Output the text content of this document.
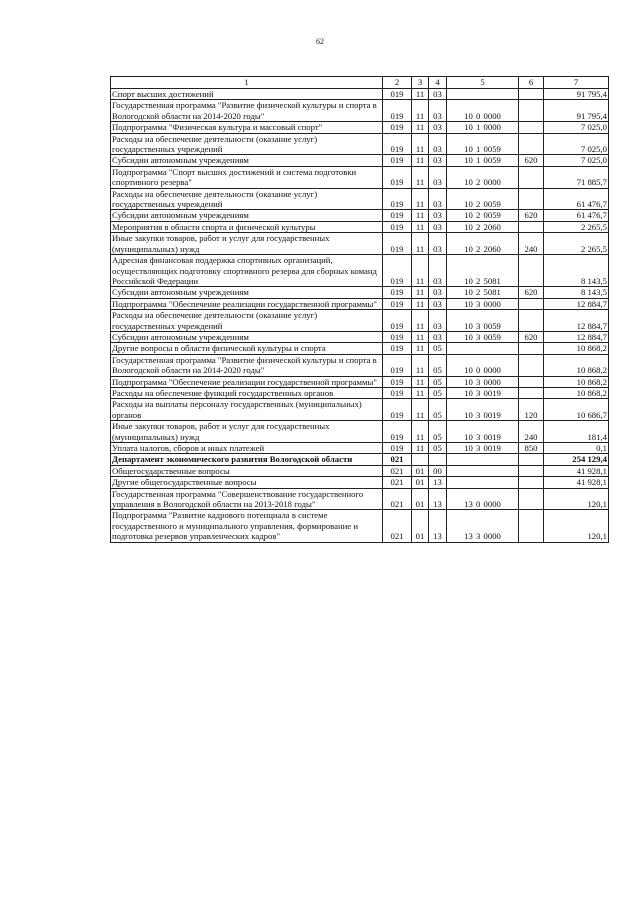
62
1	2	3	4	5	6	7
Спорт высших достижений	019	11	03			91 795,4
Государственная программа "Развитие физической культуры и спорта в Вологодской области на 2014-2020 годы"	019	11	03	10 0 0000		91 795,4
Подпрограмма "Физическая культура и массовый спорт"	019	11	03	10 1 0000		7 025,0
Расходы на обеспечение деятельности (оказание услуг) государственных учреждений	019	11	03	10 1 0059		7 025,0
Субсидии автономным учреждениям	019	11	03	10 1 0059	620	7 025,0
Подпрограмма "Спорт высших достижений и система подготовки спортивного резерва"	019	11	03	10 2 0000		71 885,7
Расходы на обеспечение деятельности (оказание услуг) государственных учреждений	019	11	03	10 2 0059		61 476,7
Субсидии автономным учреждениям	019	11	03	10 2 0059	620	61 476,7
Мероприятия в области спорта и физической культуры	019	11	03	10 2 2060		2 265,5
Иные закупки товаров, работ и услуг для государственных (муниципальных) нужд	019	11	03	10 2 2060	240	2 265,5
Адресная финансовая поддержка спортивных организаций, осуществляющих подготовку спортивного резерва для сборных команд Российской Федерации	019	11	03	10 2 5081		8 143,5
Субсидии автономным учреждениям	019	11	03	10 2 5081	620	8 143,5
Подпрограмма "Обеспечение реализации государственной программы"	019	11	03	10 3 0000		12 884,7
Расходы на обеспечение деятельности (оказание услуг) государственных учреждений	019	11	03	10 3 0059		12 884,7
Субсидии автономным учреждениям	019	11	03	10 3 0059	620	12 884,7
Другие вопросы в области физической культуры и спорта	019	11	05			10 868,2
Государственная программа "Развитие физической культуры и спорта в Вологодской области на 2014-2020 годы"	019	11	05	10 0 0000		10 868,2
Подпрограмма "Обеспечение реализации государственной программы"	019	11	05	10 3 0000		10 868,2
Расходы на обеспечение функций государственных органов	019	11	05	10 3 0019		10 868,2
Расходы на выплаты персоналу государственных (муниципальных) органов	019	11	05	10 3 0019	120	10 686,7
Иные закупки товаров, работ и услуг для государственных (муниципальных) нужд	019	11	05	10 3 0019	240	181,4
Уплата налогов, сборов и иных платежей	019	11	05	10 3 0019	850	0,1
Департамент экономического развития Вологодской области	021					254 129,4
Общегосударственные вопросы	021	01	00			41 928,1
Другие общегосударственные вопросы	021	01	13			41 928,1
Государственная программа "Совершенствование государственного управления в Вологодской области на 2013-2018 годы"	021	01	13	13 0 0000		120,1
Подпрограмма "Развитие кадрового потенциала в системе государственного и муниципального управления, формирование и подготовка резервов управленческих кадров"	021	01	13	13 3 0000		120,1
